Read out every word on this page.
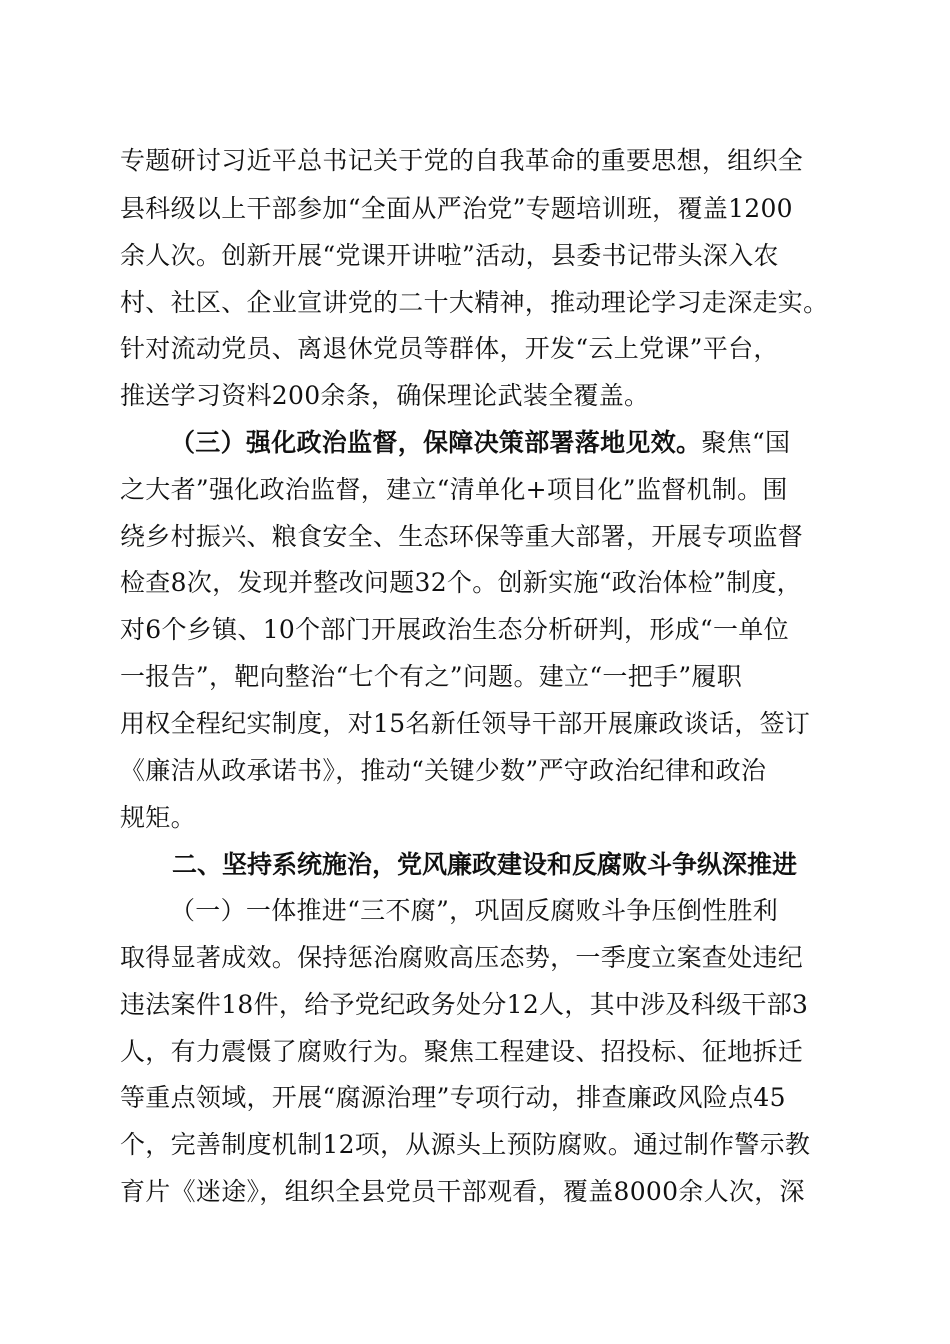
专题研讨习近平总书记关于党的自我革命的重要思想，组织全
县科级以上干部参加“全面从严治党”专题培训班，覆盖1200
余人次。创新开展“党课开讲啦”活动，县委书记带头深入农
村、社区、企业宣讲党的二十大精神，推动理论学习走深走实。
针对流动党员、离退休党员等群体，开发“云上党课”平台，
推送学习资料200余条，确保理论武装全覆盖。
（三）强化政治监督，保障决策部署落地见效。聚焦“国
之大者”强化政治监督，建立“清单化+项目化”监督机制。围
绕乡村振兴、粮食安全、生态环保等重大部署，开展专项监督
检查8次，发现并整改问题32个。创新实施“政治体检”制度，
对6个乡镇、10个部门开展政治生态分析研判，形成“一单位
一报告”，靶向整治“七个有之”问题。建立“一把手”履职
用权全程纪实制度，对15名新任领导干部开展廉政谈话，签订
《廉洁从政承诺书》，推动“关键少数”严守政治纪律和政治
规矩。
二、坚持系统施治，党风廉政建设和反腐败斗争纵深推进
（一）一体推进“三不腐”，巩固反腐败斗争压倒性胜利
取得显著成效。保持惩治腐败高压态势，一季度立案查处违纪
违法案件18件，给予党纪政务处分12人，其中涉及科级干部3
人，有力震慑了腐败行为。聚焦工程建设、招投标、征地拆迁
等重点领域，开展“腐源治理”专项行动，排查廉政风险点45
个，完善制度机制12项，从源头上预防腐败。通过制作警示教
育片《迷途》，组织全县党员干部观看，覆盖8000余人次，深
